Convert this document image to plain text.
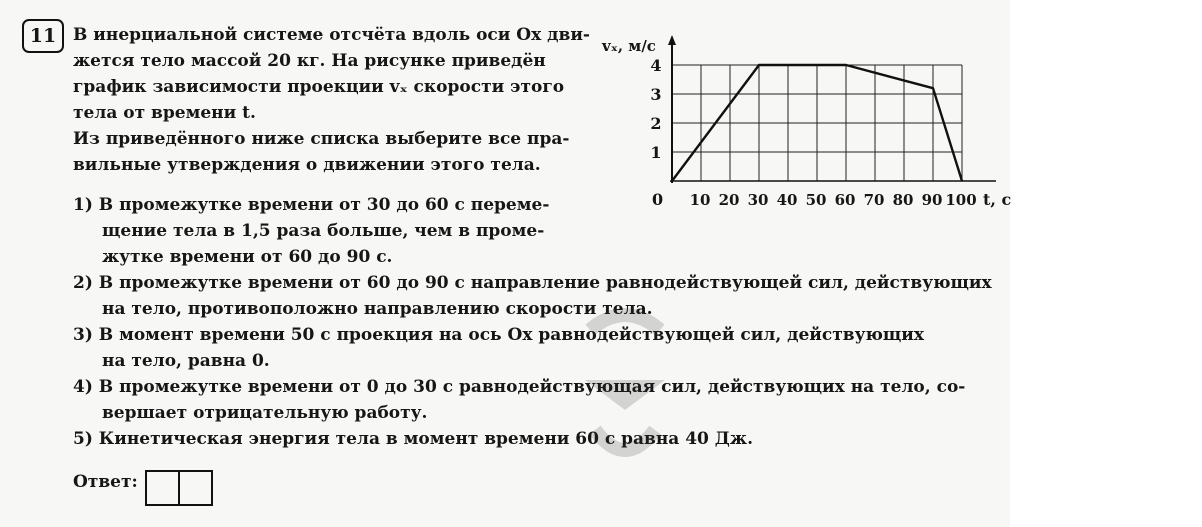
11 В инерциальной системе отсчёта вдоль оси Ox дви-
жется тело массой 20 кг. На рисунке приведён
график зависимости проекции vₓ скорости этого
тела от времени t.
Из приведённого ниже списка выберите все пра-
вильные утверждения о движении этого тела.
1) В промежутке времени от 30 до 60 с переме-
щение тела в 1,5 раза больше, чем в проме-
жутке времени от 60 до 90 с.
2) В промежутке времени от 60 до 90 с направление равнодействующей сил, действующих
на тело, противоположно направлению скорости тела.
3) В момент времени 50 с проекция на ось Ox равнодействующей сил, действующих
на тело, равна 0.
4) В промежутке времени от 0 до 30 с равнодействующая сил, действующих на тело, со-
вершает отрицательную работу.
5) Кинетическая энергия тела в момент времени 60 с равна 40 Дж.
Ответ:
10 20 30 40 50 60 70 80 90 100
1
2
3
4
vₓ, м/с
t, с
0
